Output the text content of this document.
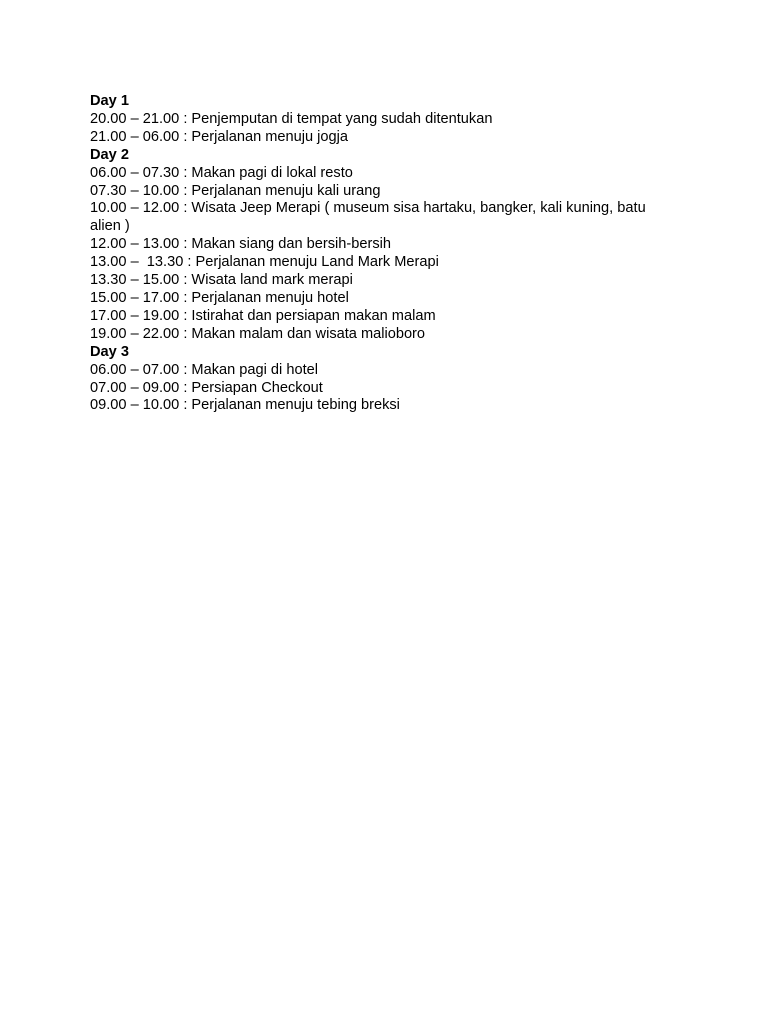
Day 1

20.00 – 21.00 : Penjemputan di tempat yang sudah ditentukan

21.00 – 06.00 : Perjalanan menuju jogja

Day 2

06.00 – 07.30 : Makan pagi di lokal resto

07.30 – 10.00 : Perjalanan menuju kali urang

10.00 – 12.00 : Wisata Jeep Merapi ( museum sisa hartaku, bangker, kali kuning, batu alien )

12.00 – 13.00 : Makan siang dan bersih-bersih

13.00 –  13.30 : Perjalanan menuju Land Mark Merapi

13.30 – 15.00 : Wisata land mark merapi

15.00 – 17.00 : Perjalanan menuju hotel

17.00 – 19.00 : Istirahat dan persiapan makan malam

19.00 – 22.00 : Makan malam dan wisata malioboro

Day 3

06.00 – 07.00 : Makan pagi di hotel

07.00 – 09.00 : Persiapan Checkout

09.00 – 10.00 : Perjalanan menuju tebing breksi
